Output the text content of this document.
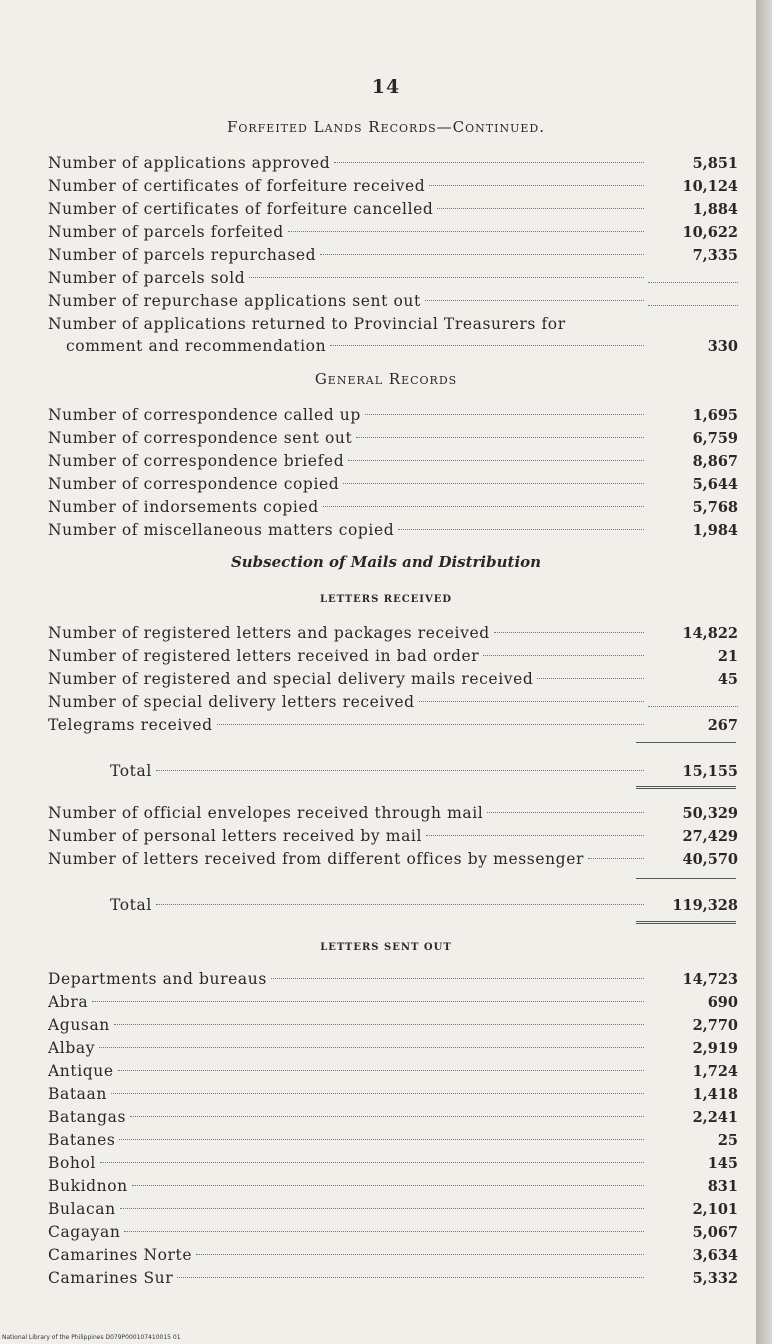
14
Forfeited Lands Records—Continued.
Number of applications approved	5,851
Number of certificates of forfeiture received	10,124
Number of certificates of forfeiture cancelled	1,884
Number of parcels forfeited	10,622
Number of parcels repurchased	7,335
Number of parcels sold
Number of repurchase applications sent out
Number of applications returned to Provincial Treasurers for
comment and recommendation	330
General Records
Number of correspondence called up	1,695
Number of correspondence sent out	6,759
Number of correspondence briefed	8,867
Number of correspondence copied	5,644
Number of indorsements copied	5,768
Number of miscellaneous matters copied	1,984
Subsection of Mails and Distribution
LETTERS RECEIVED
Number of registered letters and packages received	14,822
Number of registered letters received in bad order	21
Number of registered and special delivery mails received	45
Number of special delivery letters received
Telegrams received	267
Total	15,155
Number of official envelopes received through mail	50,329
Number of personal letters received by mail	27,429
Number of letters received from different offices by messenger	40,570
Total	119,328
LETTERS SENT OUT
Departments and bureaus	14,723
Abra	690
Agusan	2,770
Albay	2,919
Antique	1,724
Bataan	1,418
Batangas	2,241
Batanes	25
Bohol	145
Bukidnon	831
Bulacan	2,101
Cagayan	5,067
Camarines Norte	3,634
Camarines Sur	5,332
National Library of the Philippines D079P000107410015 01
